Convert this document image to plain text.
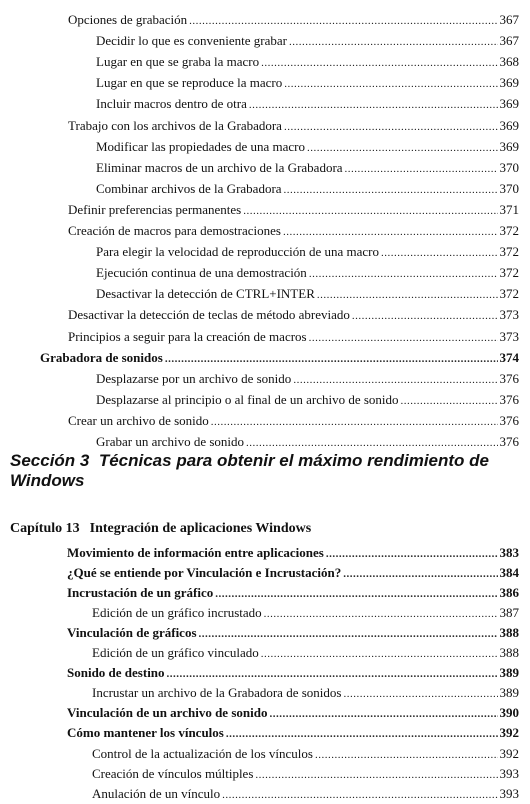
Opciones de grabación .....	367
Decidir lo que es conveniente grabar .....	367
Lugar en que se graba la macro .....	368
Lugar en que se reproduce la macro .....	369
Incluir macros dentro de otra .....	369
Trabajo con los archivos de la Grabadora .....	369
Modificar las propiedades de una macro .....	369
Eliminar macros de un archivo de la Grabadora .....	370
Combinar archivos de la Grabadora .....	370
Definir preferencias permanentes .....	371
Creación de macros para demostraciones .....	372
Para elegir la velocidad de reproducción de una macro .....	372
Ejecución continua de una demostración .....	372
Desactivar la detección de CTRL+INTER .....	372
Desactivar la detección de teclas de método abreviado .....	373
Principios a seguir para la creación de macros .....	373
Grabadora de sonidos .....	374
Desplazarse por un archivo de sonido .....	376
Desplazarse al principio o al final de un archivo de sonido .....	376
Crear un archivo de sonido .....	376
Grabar un archivo de sonido .....	376
Sección 3 Técnicas para obtenir el máximo rendimiento de Windows
Capítulo 13 Integración de aplicaciones Windows
Movimiento de información entre aplicaciones .....	383
¿Qué se entiende por Vinculación e Incrustación? .....	384
Incrustación de un gráfico .....	386
Edición de un gráfico incrustado .....	387
Vinculación de gráficos .....	388
Edición de un gráfico vinculado .....	388
Sonido de destino .....	389
Incrustar un archivo de la Grabadora de sonidos .....	389
Vinculación de un archivo de sonido .....	390
Cómo mantener los vínculos .....	392
Control de la actualización de los vínculos .....	392
Creación de vínculos múltiples .....	393
Anulación de un vínculo .....	393
